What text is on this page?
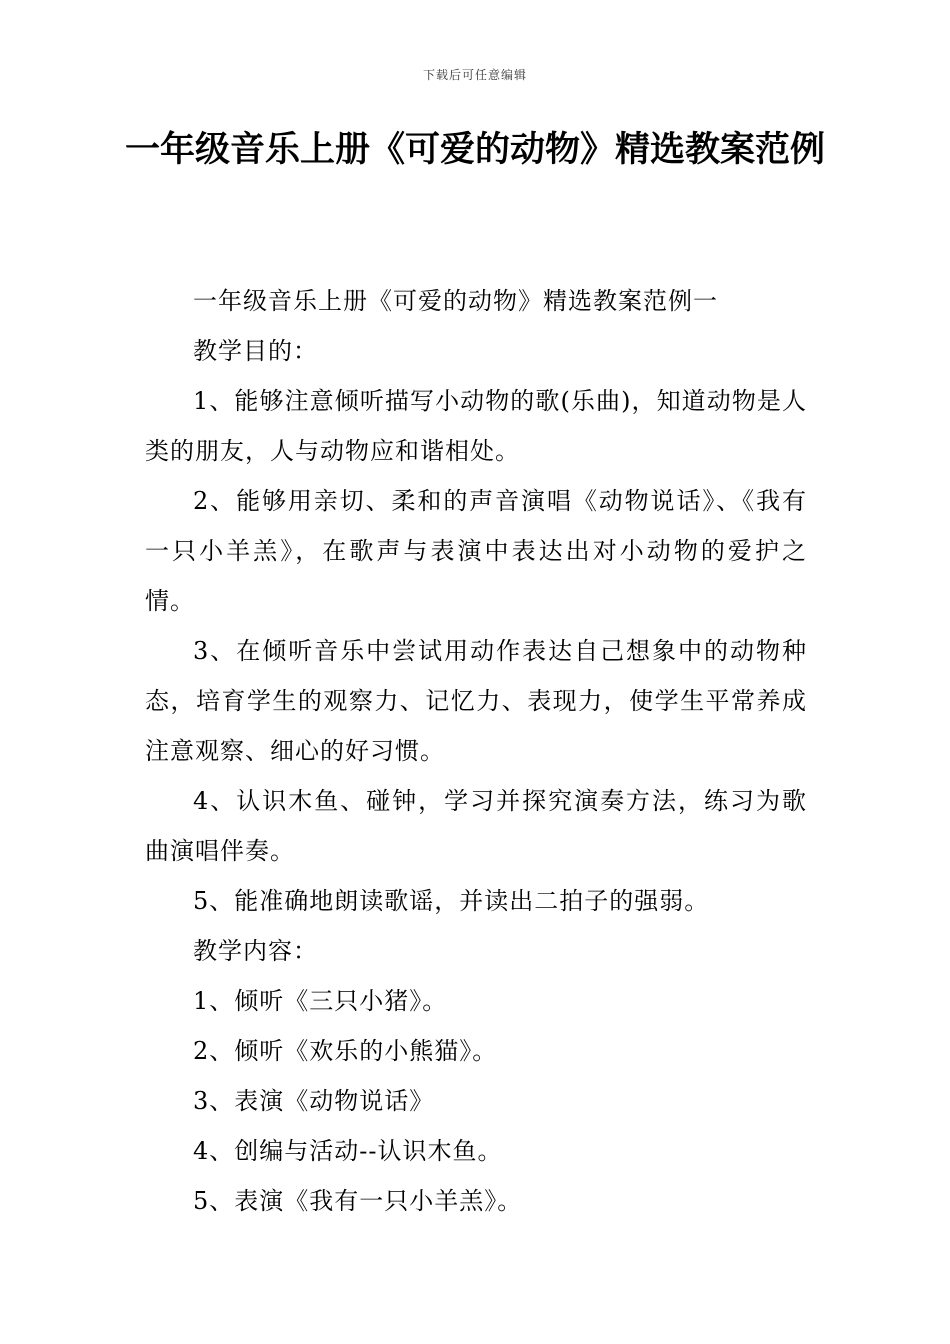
下载后可任意编辑
一年级音乐上册《可爱的动物》精选教案范例

一年级音乐上册《可爱的动物》精选教案范例一

教学目的：

1、能够注意倾听描写小动物的歌(乐曲)，知道动物是人类的朋友，人与动物应和谐相处。

2、能够用亲切、柔和的声音演唱《动物说话》、《我有一只小羊羔》，在歌声与表演中表达出对小动物的爱护之情。

3、在倾听音乐中尝试用动作表达自己想象中的动物种态，培育学生的观察力、记忆力、表现力，使学生平常养成注意观察、细心的好习惯。

4、认识木鱼、碰钟，学习并探究演奏方法，练习为歌曲演唱伴奏。

5、能准确地朗读歌谣，并读出二拍子的强弱。

教学内容：

1、倾听《三只小猪》。

2、倾听《欢乐的小熊猫》。

3、表演《动物说话》

4、创编与活动--认识木鱼。

5、表演《我有一只小羊羔》。
